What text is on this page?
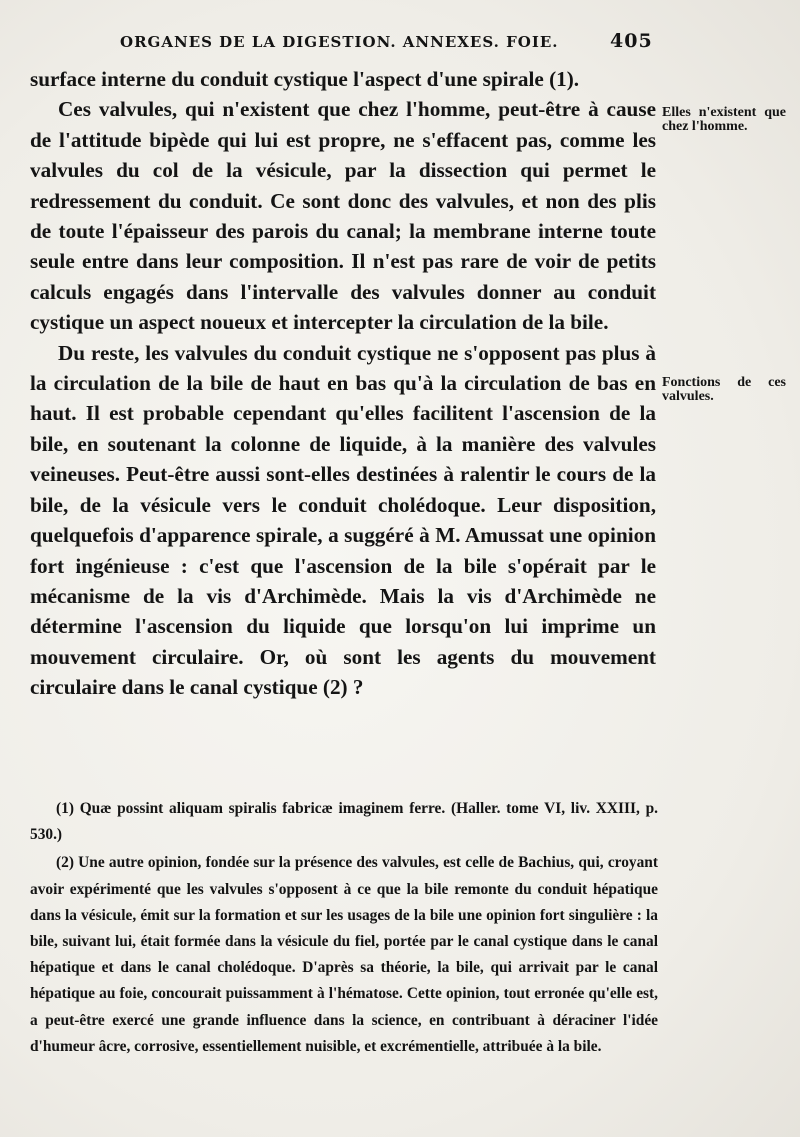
ORGANES DE LA DIGESTION. ANNEXES. FOIE.	405

surface interne du conduit cystique l'aspect d'une spirale (1).

Ces valvules, qui n'existent que chez l'homme, peut-être à cause de l'attitude bipède qui lui est propre, ne s'effacent pas, comme les valvules du col de la vésicule, par la dissection qui permet le redressement du conduit. Ce sont donc des valvules, et non des plis de toute l'épaisseur des parois du canal; la membrane interne toute seule entre dans leur composition. Il n'est pas rare de voir de petits calculs engagés dans l'intervalle des valvules donner au conduit cystique un aspect noueux et intercepter la circulation de la bile.

Du reste, les valvules du conduit cystique ne s'opposent pas plus à la circulation de la bile de haut en bas qu'à la circulation de bas en haut. Il est probable cependant qu'elles facilitent l'ascension de la bile, en soutenant la colonne de liquide, à la manière des valvules veineuses. Peut-être aussi sont-elles destinées à ralentir le cours de la bile, de la vésicule vers le conduit cholédoque. Leur disposition, quelquefois d'apparence spirale, a suggéré à M. Amussat une opinion fort ingénieuse : c'est que l'ascension de la bile s'opérait par le mécanisme de la vis d'Archimède. Mais la vis d'Archimède ne détermine l'ascension du liquide que lorsqu'on lui imprime un mouvement circulaire. Or, où sont les agents du mouvement circulaire dans le canal cystique (2) ?

Elles n'existent que chez l'homme.
Fonctions de ces valvules.

(1) Quæ possint aliquam spiralis fabricæ imaginem ferre. (Haller. tome VI, liv. XXIII, p. 530.)

(2) Une autre opinion, fondée sur la présence des valvules, est celle de Bachius, qui, croyant avoir expérimenté que les valvules s'opposent à ce que la bile remonte du conduit hépatique dans la vésicule, émit sur la formation et sur les usages de la bile une opinion fort singulière : la bile, suivant lui, était formée dans la vésicule du fiel, portée par le canal cystique dans le canal hépatique et dans le canal cholédoque. D'après sa théorie, la bile, qui arrivait par le canal hépatique au foie, concourait puissamment à l'hématose. Cette opinion, tout erronée qu'elle est, a peut-être exercé une grande influence dans la science, en contribuant à déraciner l'idée d'humeur âcre, corrosive, essentiellement nuisible, et excrémentielle, attribuée à la bile.
